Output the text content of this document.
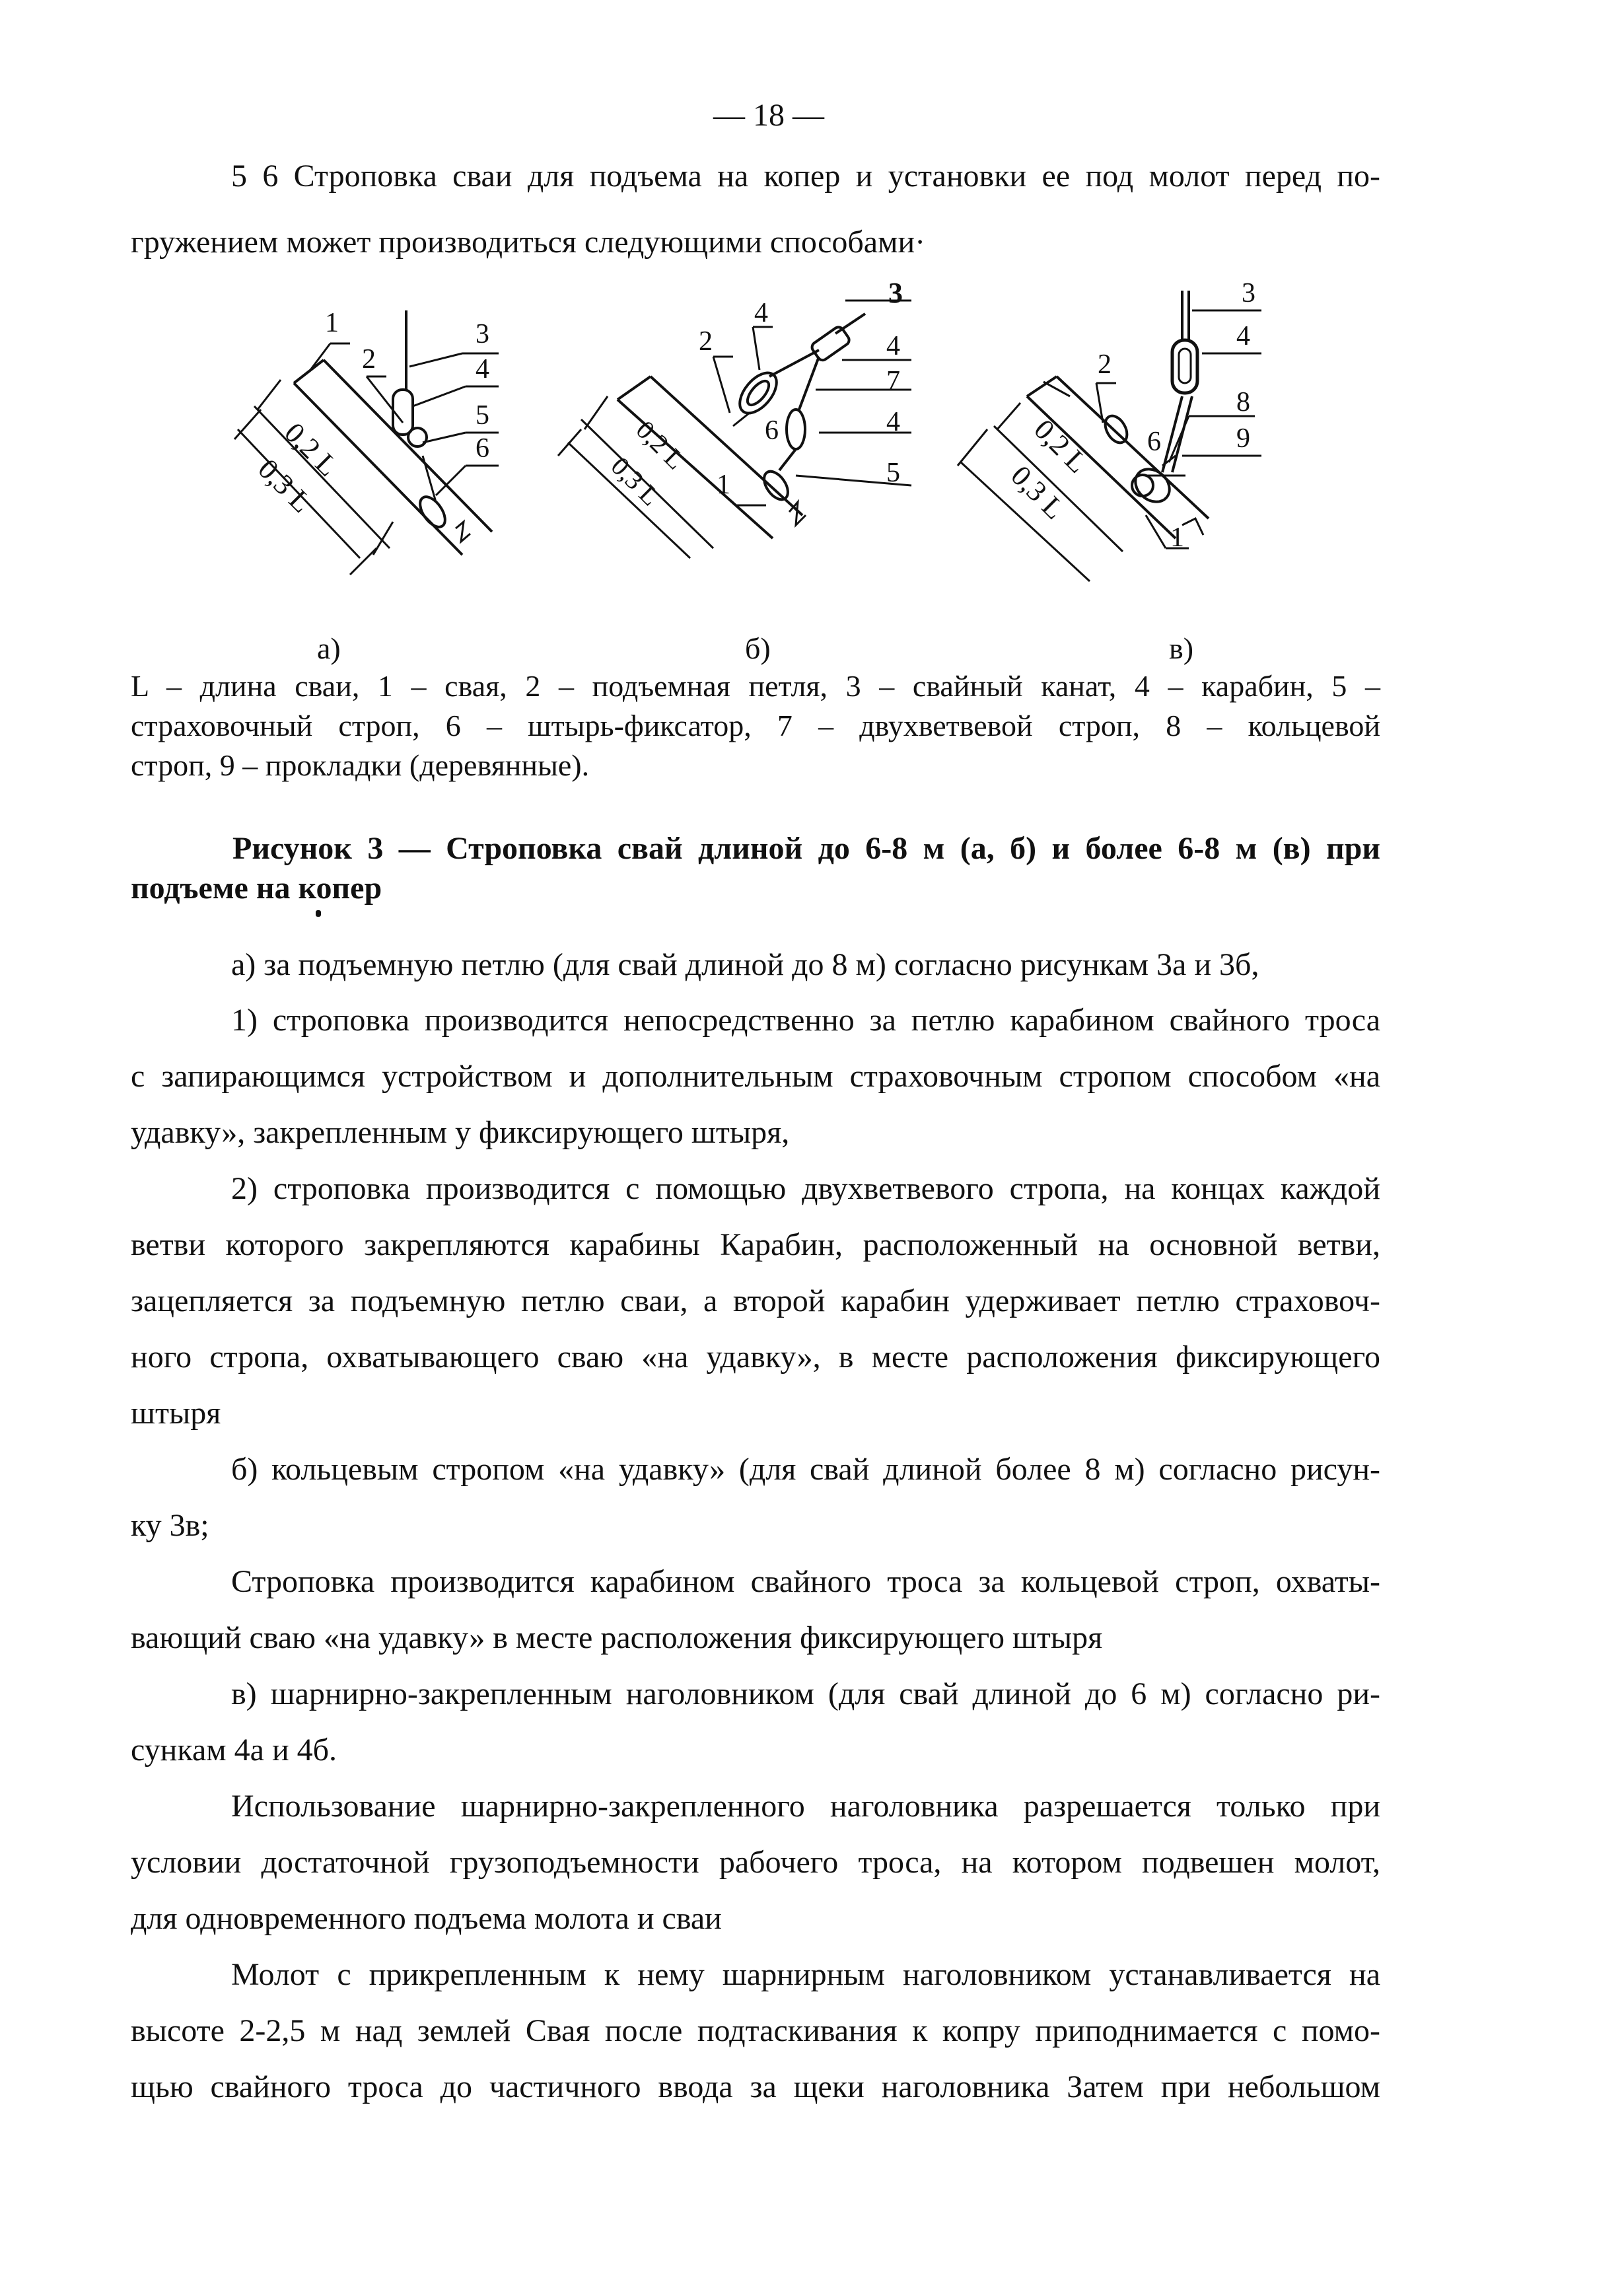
— 18 —
5 6 Строповка сваи для подъема на копер и установки ее под молот перед по-
гружением может производиться следующими способами·
1
2
3
4
5
6
0,2 L
0,3 L
а)
4
3
2	4
7
6	4
1	5
0,2 L
0,3 L
б)
3
4
2
8
6	9
1
0,2 L
0,3 L
в)
L – длина сваи, 1 – свая, 2 – подъемная петля, 3 – свайный канат, 4 – карабин, 5 –
страховочный строп, 6 – штырь-фиксатор, 7 – двухветвевой строп, 8 – кольцевой
строп, 9 – прокладки (деревянные).
Рисунок 3 — Строповка свай длиной до 6-8 м (а, б) и более 6-8 м (в) при
подъеме на копер
а) за подъемную петлю (для свай длиной до 8 м) согласно рисункам 3а и 3б,
1) строповка производится непосредственно за петлю карабином свайного троса
с запирающимся устройством и дополнительным страховочным стропом способом «на
удавку», закрепленным у фиксирующего штыря,
2) строповка производится с помощью двухветвевого стропа, на концах каждой
ветви которого закрепляются карабины Карабин, расположенный на основной ветви,
зацепляется за подъемную петлю сваи, а второй карабин удерживает петлю страховоч-
ного стропа, охватывающего сваю «на удавку», в месте расположения фиксирующего
штыря
б) кольцевым стропом «на удавку» (для свай длиной более 8 м) согласно рисун-
ку 3в;
Строповка производится карабином свайного троса за кольцевой строп, охваты-
вающий сваю «на удавку» в месте расположения фиксирующего штыря
в) шарнирно-закрепленным наголовником (для свай длиной до 6 м) согласно ри-
сункам 4а и 4б.
Использование шарнирно-закрепленного наголовника разрешается только при
условии достаточной грузоподъемности рабочего троса, на котором подвешен молот,
для одновременного подъема молота и сваи
Молот с прикрепленным к нему шарнирным наголовником устанавливается на
высоте 2-2,5 м над землей Свая после подтаскивания к копру приподнимается с помо-
щью свайного троса до частичного ввода за щеки наголовника Затем при небольшом
